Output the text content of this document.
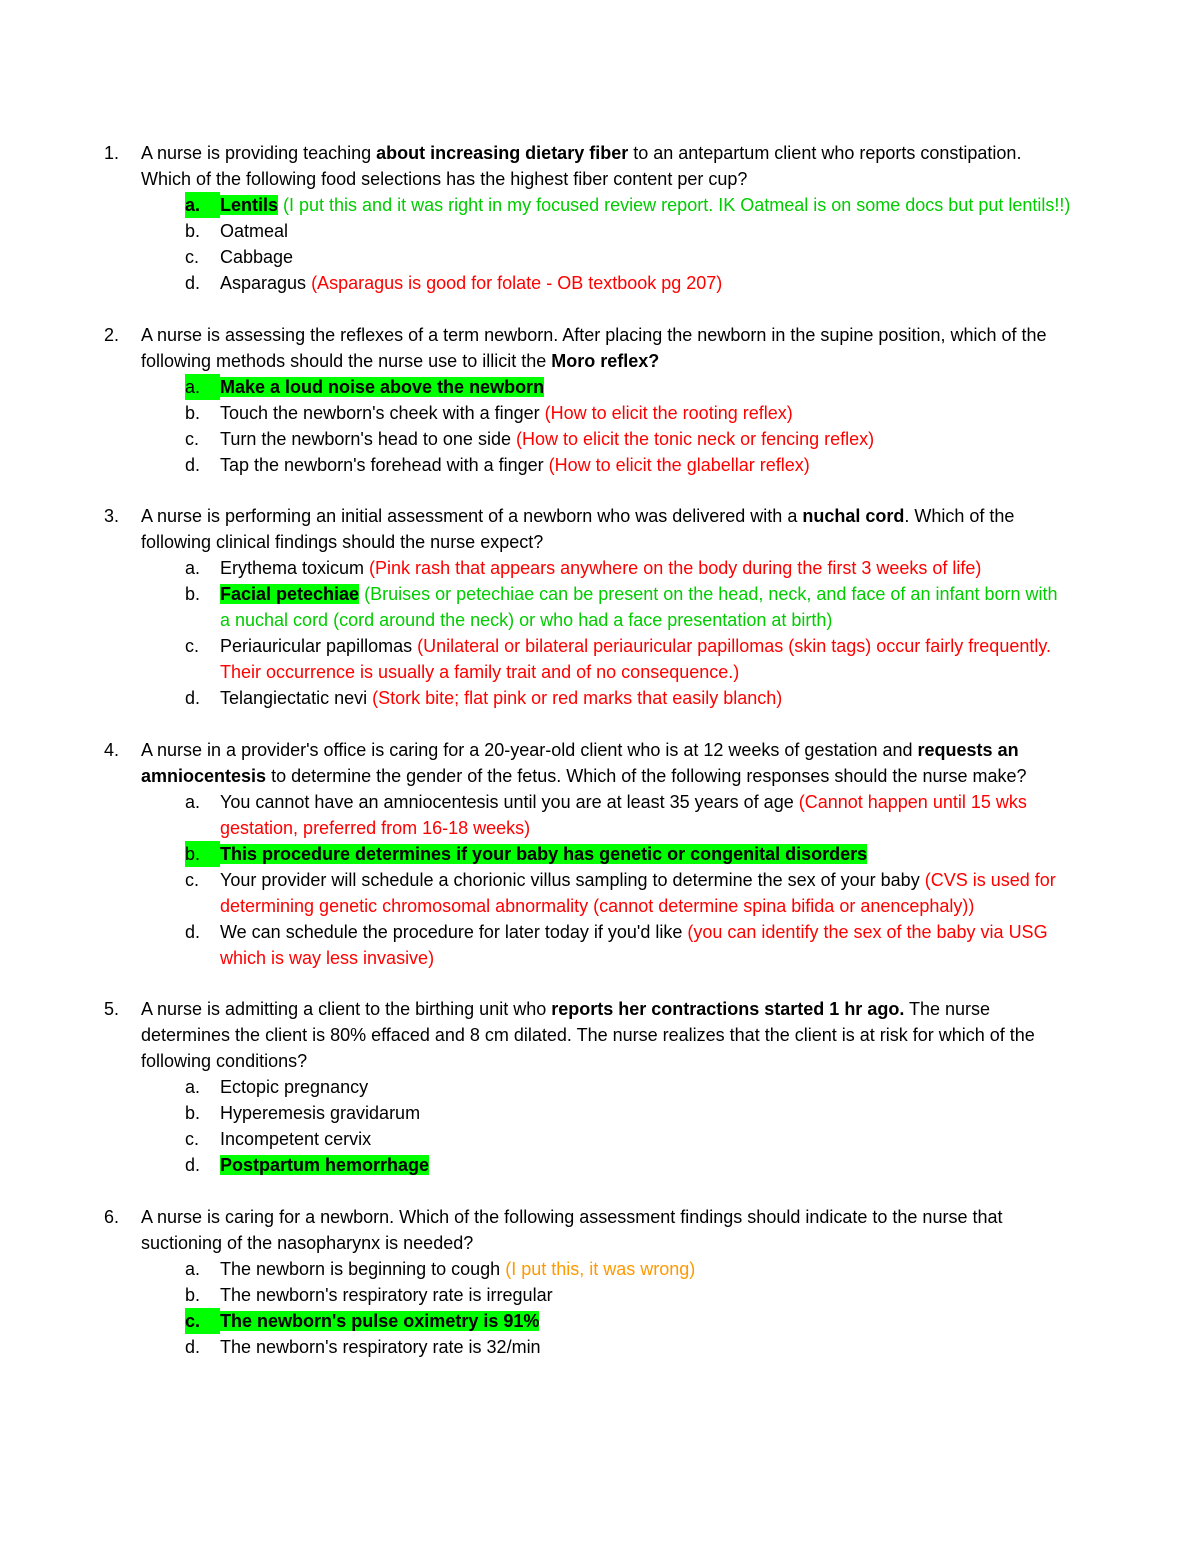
1. A nurse is providing teaching about increasing dietary fiber to an antepartum client who reports constipation.
Which of the following food selections has the highest fiber content per cup?
a.	Lentils (I put this and it was right in my focused review report. IK Oatmeal is on some docs but put lentils!!)
b. Oatmeal
c. Cabbage
d. Asparagus (Asparagus is good for folate - OB textbook pg 207)
2. A nurse is assessing the reflexes of a term newborn. After placing the newborn in the supine position, which of the
following methods should the nurse use to illicit the Moro reflex?
a.	Make a loud noise above the newborn
b. Touch the newborn's cheek with a finger (How to elicit the rooting reflex)
c. Turn the newborn's head to one side (How to elicit the tonic neck or fencing reflex)
d. Tap the newborn's forehead with a finger (How to elicit the glabellar reflex)
3. A nurse is performing an initial assessment of a newborn who was delivered with a nuchal cord. Which of the
following clinical findings should the nurse expect?
a. Erythema toxicum (Pink rash that appears anywhere on the body during the first 3 weeks of life)
b. Facial petechiae (Bruises or petechiae can be present on the head, neck, and face of an infant born with
a nuchal cord (cord around the neck) or who had a face presentation at birth)
c. Periauricular papillomas (Unilateral or bilateral periauricular papillomas (skin tags) occur fairly frequently.
Their occurrence is usually a family trait and of no consequence.)
d. Telangiectatic nevi (Stork bite; flat pink or red marks that easily blanch)
4. A nurse in a provider's office is caring for a 20-year-old client who is at 12 weeks of gestation and requests an
amniocentesis to determine the gender of the fetus. Which of the following responses should the nurse make?
a. You cannot have an amniocentesis until you are at least 35 years of age (Cannot happen until 15 wks
gestation, preferred from 16-18 weeks)
b.	This procedure determines if your baby has genetic or congenital disorders
c. Your provider will schedule a chorionic villus sampling to determine the sex of your baby (CVS is used for
determining genetic chromosomal abnormality (cannot determine spina bifida or anencephaly))
d. We can schedule the procedure for later today if you'd like (you can identify the sex of the baby via USG
which is way less invasive)
5. A nurse is admitting a client to the birthing unit who reports her contractions started 1 hr ago. The nurse
determines the client is 80% effaced and 8 cm dilated. The nurse realizes that the client is at risk for which of the
following conditions?
a. Ectopic pregnancy
b. Hyperemesis gravidarum
c. Incompetent cervix
d. Postpartum hemorrhage
6. A nurse is caring for a newborn. Which of the following assessment findings should indicate to the nurse that
suctioning of the nasopharynx is needed?
a. The newborn is beginning to cough (I put this, it was wrong)
b. The newborn's respiratory rate is irregular
c.	The newborn's pulse oximetry is 91%
d. The newborn's respiratory rate is 32/min
